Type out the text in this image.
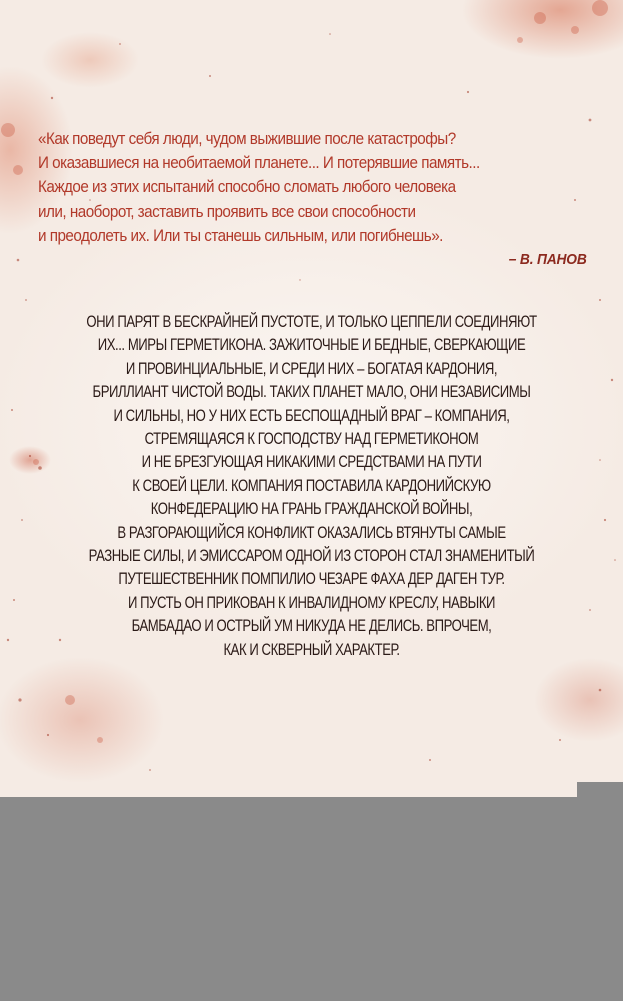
«Как поведут себя люди, чудом выжившие после катастрофы?
И оказавшиеся на необитаемой планете... И потерявшие память...
Каждое из этих испытаний способно сломать любого человека
или, наоборот, заставить проявить все свои способности
и преодолеть их. Или ты станешь сильным, или погибнешь».
– В. ПАНОВ
ОНИ ПАРЯТ В БЕСКРАЙНЕЙ ПУСТОТЕ, И ТОЛЬКО ЦЕППЕЛИ СОЕДИНЯЮТ
ИХ... МИРЫ ГЕРМЕТИКОНА. ЗАЖИТОЧНЫЕ И БЕДНЫЕ, СВЕРКАЮЩИЕ
И ПРОВИНЦИАЛЬНЫЕ, И СРЕДИ НИХ – БОГАТАЯ КАРДОНИЯ,
БРИЛЛИАНТ ЧИСТОЙ ВОДЫ. ТАКИХ ПЛАНЕТ МАЛО, ОНИ НЕЗАВИСИМЫ
И СИЛЬНЫ, НО У НИХ ЕСТЬ БЕСПОЩАДНЫЙ ВРАГ – КОМПАНИЯ,
СТРЕМЯЩАЯСЯ К ГОСПОДСТВУ НАД ГЕРМЕТИКОНОМ
И НЕ БРЕЗГУЮЩАЯ НИКАКИМИ СРЕДСТВАМИ НА ПУТИ
К СВОЕЙ ЦЕЛИ. КОМПАНИЯ ПОСТАВИЛА КАРДОНИЙСКУЮ
КОНФЕДЕРАЦИЮ НА ГРАНЬ ГРАЖДАНСКОЙ ВОЙНЫ,
В РАЗГОРАЮЩИЙСЯ КОНФЛИКТ ОКАЗАЛИСЬ ВТЯНУТЫ САМЫЕ
РАЗНЫЕ СИЛЫ, И ЭМИССАРОМ ОДНОЙ ИЗ СТОРОН СТАЛ ЗНАМЕНИТЫЙ
ПУТЕШЕСТВЕННИК ПОМПИЛИО ЧЕЗАРЕ ФАХА ДЕР ДАГЕН ТУР.
И ПУСТЬ ОН ПРИКОВАН К ИНВАЛИДНОМУ КРЕСЛУ, НАВЫКИ
БАМБАДАО И ОСТРЫЙ УМ НИКУДА НЕ ДЕЛИСЬ. ВПРОЧЕМ,
КАК И СКВЕРНЫЙ ХАРАКТЕР.
